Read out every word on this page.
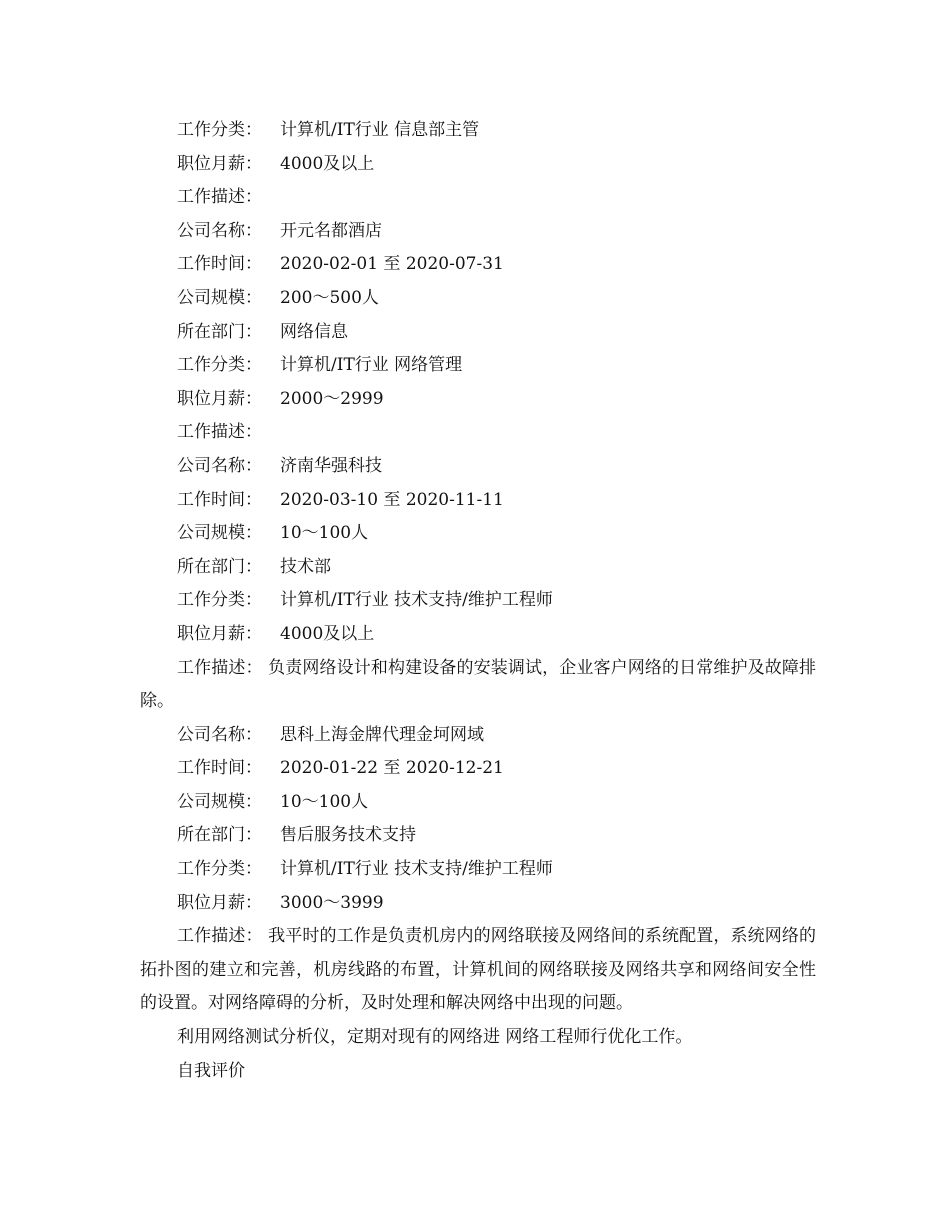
工作分类： 计算机/IT行业 信息部主管

职位月薪： 4000及以上

工作描述：

公司名称： 开元名都酒店

工作时间： 2020-02-01 至 2020-07-31

公司规模： 200～500人

所在部门： 网络信息

工作分类： 计算机/IT行业 网络管理

职位月薪： 2000～2999

工作描述：

公司名称： 济南华强科技

工作时间： 2020-03-10 至 2020-11-11

公司规模： 10～100人

所在部门： 技术部

工作分类： 计算机/IT行业 技术支持/维护工程师

职位月薪： 4000及以上

工作描述： 负责网络设计和构建设备的安装调试，企业客户网络的日常维护及故障排除。

公司名称： 思科上海金牌代理金坷网域

工作时间： 2020-01-22 至 2020-12-21

公司规模： 10～100人

所在部门： 售后服务技术支持

工作分类： 计算机/IT行业 技术支持/维护工程师

职位月薪： 3000～3999

工作描述： 我平时的工作是负责机房内的网络联接及网络间的系统配置，系统网络的拓扑图的建立和完善，机房线路的布置，计算机间的网络联接及网络共享和网络间安全性的设置。对网络障碍的分析，及时处理和解决网络中出现的问题。

利用网络测试分析仪，定期对现有的网络进 网络工程师行优化工作。

自我评价
